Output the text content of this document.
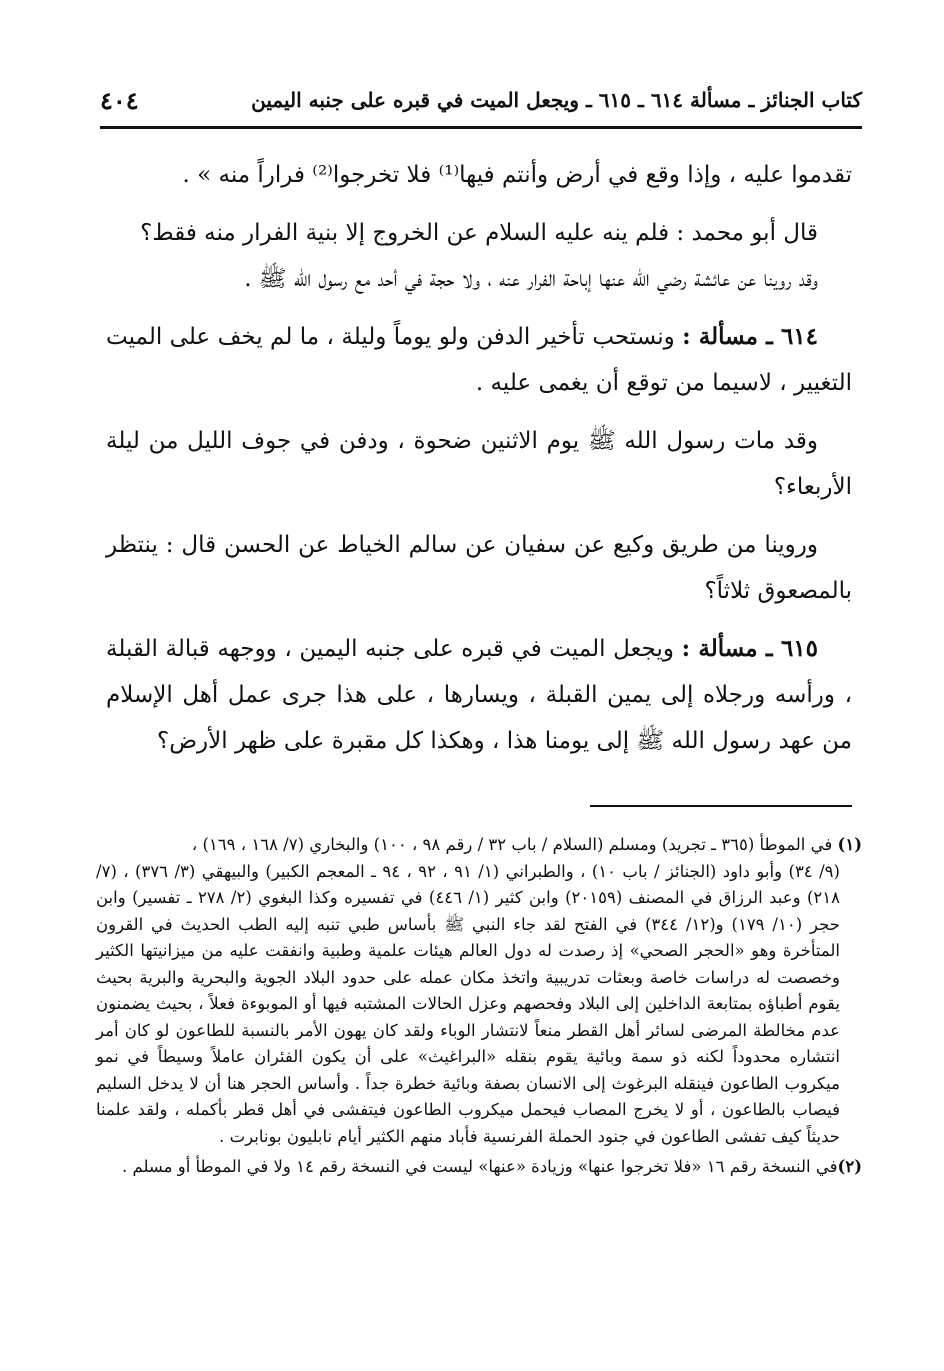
كتاب الجنائز ـ مسألة ٦١٤ ـ ٦١٥ ـ ويجعل الميت في قبره على جنبه اليمين
٤٠٤

تقدموا عليه ، وإذا وقع في أرض وأنتم فيها⁽¹⁾ فلا تخرجوا⁽²⁾ فراراً منه » .

قال أبو محمد : فلم ينه عليه السلام عن الخروج إلا بنية الفرار منه فقط؟

وقد روينا عن عائشة رضي الله عنها إباحة الفرار عنه ، ولا حجة في أحد مع رسول الله ﷺ .

٦١٤ ـ مسألة : ونستحب تأخير الدفن ولو يوماً وليلة ، ما لم يخف على الميت التغيير ، لاسيما من توقع أن يغمى عليه .

وقد مات رسول الله ﷺ يوم الاثنين ضحوة ، ودفن في جوف الليل من ليلة الأربعاء؟

وروينا من طريق وكيع عن سفيان عن سالم الخياط عن الحسن قال : ينتظر بالمصعوق ثلاثاً؟

٦١٥ ـ مسألة : ويجعل الميت في قبره على جنبه اليمين ، ووجهه قبالة القبلة ، ورأسه ورجلاه إلى يمين القبلة ، ويسارها ، على هذا جرى عمل أهل الإسلام من عهد رسول الله ﷺ إلى يومنا هذا ، وهكذا كل مقبرة على ظهر الأرض؟

(١) في الموطأ (٣٦٥ ـ تجريد) ومسلم (السلام / باب ٣٢ / رقم ٩٨ ، ١٠٠) والبخاري (٧/ ١٦٨ ، ١٦٩) ،

(٩/ ٣٤) وأبو داود (الجنائز / باب ١٠) ، والطبراني (١/ ٩١ ، ٩٢ ، ٩٤ ـ المعجم الكبير) والبيهقي (٣/ ٣٧٦) ، (٧/ ٢١٨) وعبد الرزاق في المصنف (٢٠١٥٩) وابن كثير (١/ ٤٤٦) في تفسيره وكذا البغوي (٢/ ٢٧٨ ـ تفسير) وابن حجر (١٠/ ١٧٩) و(١٢/ ٣٤٤) في الفتح لقد جاء النبي ﷺ بأساس طبي تنبه إليه الطب الحديث في القرون المتأخرة وهو «الحجر الصحي» إذ رصدت له دول العالم هيئات علمية وطبية وانفقت عليه من ميزانيتها الكثير وخصصت له دراسات خاصة وبعثات تدريبية واتخذ مكان عمله على حدود البلاد الجوية والبحرية والبرية بحيث يقوم أطباؤه بمتابعة الداخلين إلى البلاد وفحصهم وعزل الحالات المشتبه فيها أو الموبوءة فعلاً ، بحيث يضمنون عدم مخالطة المرضى لسائر أهل القطر منعاً لانتشار الوباء ولقد كان يهون الأمر بالنسبة للطاعون لو كان أمر انتشاره محدوداً لكنه ذو سمة وبائية يقوم بنقله «البراغيث» على أن يكون الفئران عاملاً وسيطاً في نمو ميكروب الطاعون فينقله البرغوث إلى الانسان بصفة وبائية خطرة جداً . وأساس الحجر هنا أن لا يدخل السليم فيصاب بالطاعون ، أو لا يخرج المصاب فيحمل ميكروب الطاعون فيتفشى في أهل قطر بأكمله ، ولقد علمنا حديثاً كيف تفشى الطاعون في جنود الحملة الفرنسية فأباد منهم الكثير أيام نابليون بونابرت .

(٢)في النسخة رقم ١٦ «فلا تخرجوا عنها» وزيادة «عنها» ليست في النسخة رقم ١٤ ولا في الموطأ أو مسلم .
